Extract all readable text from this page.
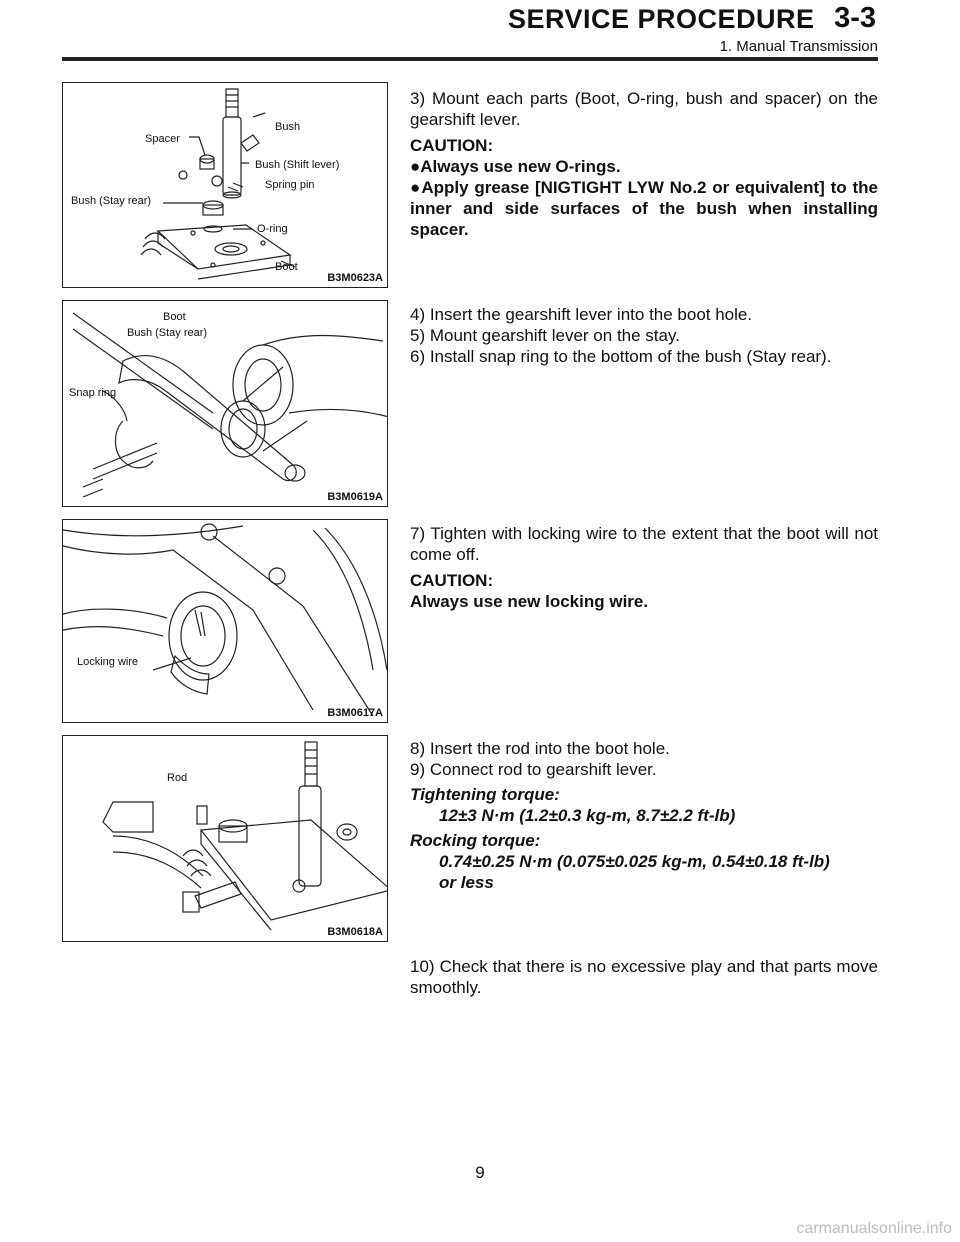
SERVICE PROCEDURE 3-3
1. Manual Transmission
Spacer
Bush
Bush (Shift lever)
Spring pin
Bush (Stay rear)
O-ring
Boot
B3M0623A
Boot
Bush (Stay rear)
Snap ring
B3M0619A
Locking wire
B3M0617A
Rod
B3M0618A

3) Mount each parts (Boot, O-ring, bush and spacer) on the gearshift lever.

CAUTION:

●Always use new O-rings.

●Apply grease [NIGTIGHT LYW No.2 or equivalent] to the inner and side surfaces of the bush when installing spacer.

4) Insert the gearshift lever into the boot hole.

5) Mount gearshift lever on the stay.

6) Install snap ring to the bottom of the bush (Stay rear).

7) Tighten with locking wire to the extent that the boot will not come off.

CAUTION:

Always use new locking wire.

8) Insert the rod into the boot hole.

9) Connect rod to gearshift lever.

Tightening torque:

12±3 N·m (1.2±0.3 kg-m, 8.7±2.2 ft-lb)

Rocking torque:

0.74±0.25 N·m (0.075±0.025 kg-m, 0.54±0.18 ft-lb)

or less

10) Check that there is no excessive play and that parts move smoothly.

9
carmanualsonline.info
